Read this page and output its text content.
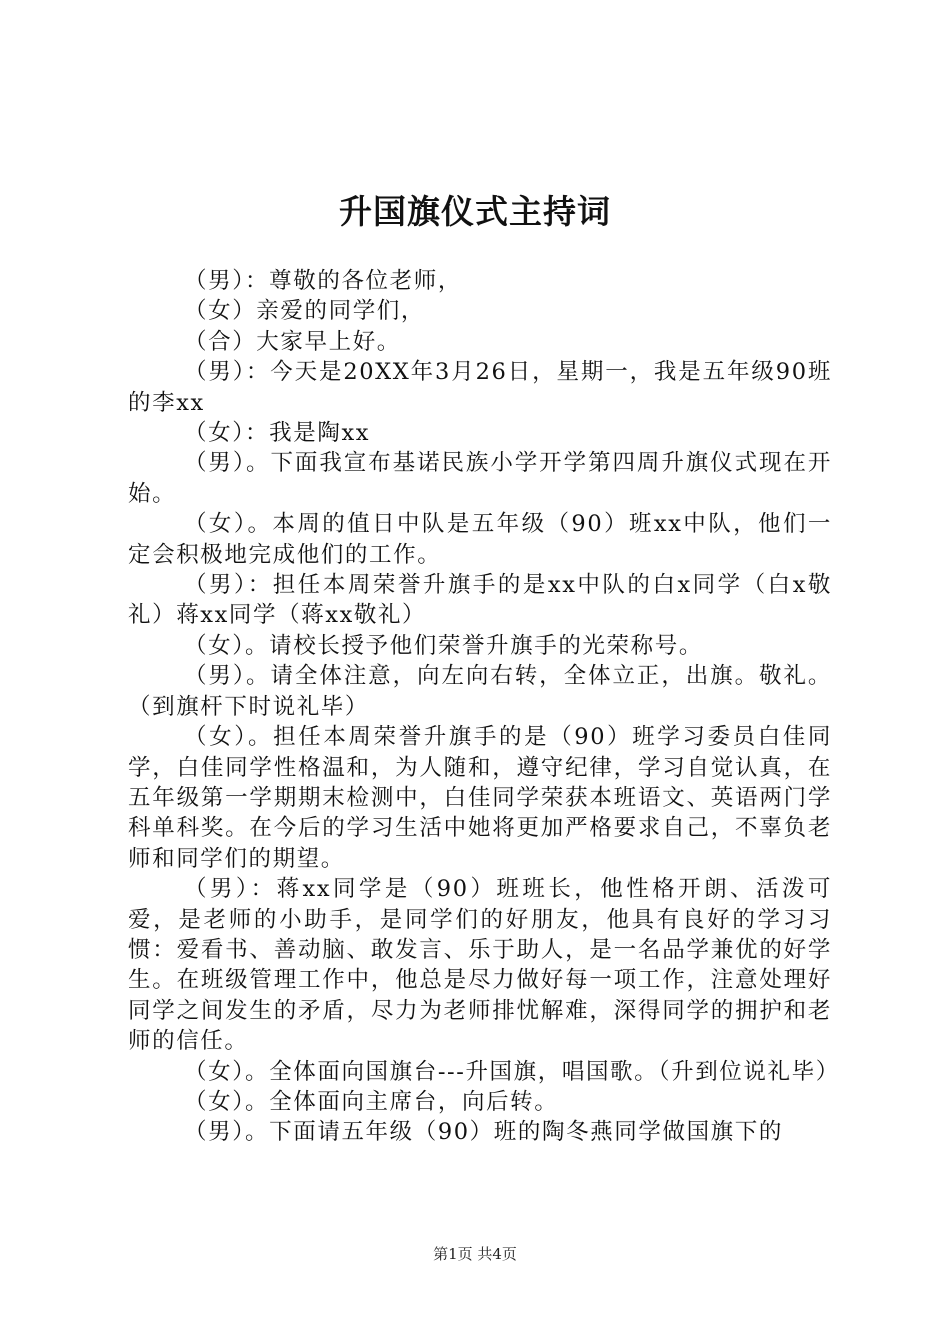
升国旗仪式主持词

（男）：尊敬的各位老师，

（女）亲爱的同学们，

（合）大家早上好。

（男）：今天是20XX年3月26日，星期一，我是五年级90班的李xx

（女）：我是陶xx

（男）。下面我宣布基诺民族小学开学第四周升旗仪式现在开始。

（女）。本周的值日中队是五年级（90）班xx中队，他们一定会积极地完成他们的工作。

（男）：担任本周荣誉升旗手的是xx中队的白x同学（白x敬礼）蒋xx同学（蒋xx敬礼）

（女）。请校长授予他们荣誉升旗手的光荣称号。

（男）。请全体注意，向左向右转，全体立正，出旗。敬礼。（到旗杆下时说礼毕）

（女）。担任本周荣誉升旗手的是（90）班学习委员白佳同学，白佳同学性格温和，为人随和，遵守纪律，学习自觉认真，在五年级第一学期期末检测中，白佳同学荣获本班语文、英语两门学科单科奖。在今后的学习生活中她将更加严格要求自己，不辜负老师和同学们的期望。

（男）：蒋xx同学是（90）班班长，他性格开朗、活泼可爱，是老师的小助手，是同学们的好朋友，他具有良好的学习习惯：爱看书、善动脑、敢发言、乐于助人，是一名品学兼优的好学生。在班级管理工作中，他总是尽力做好每一项工作，注意处理好同学之间发生的矛盾，尽力为老师排忧解难，深得同学的拥护和老师的信任。

（女）。全体面向国旗台---升国旗，唱国歌。（升到位说礼毕）

（女）。全体面向主席台，向后转。

（男）。下面请五年级（90）班的陶冬燕同学做国旗下的

第1页 共4页
